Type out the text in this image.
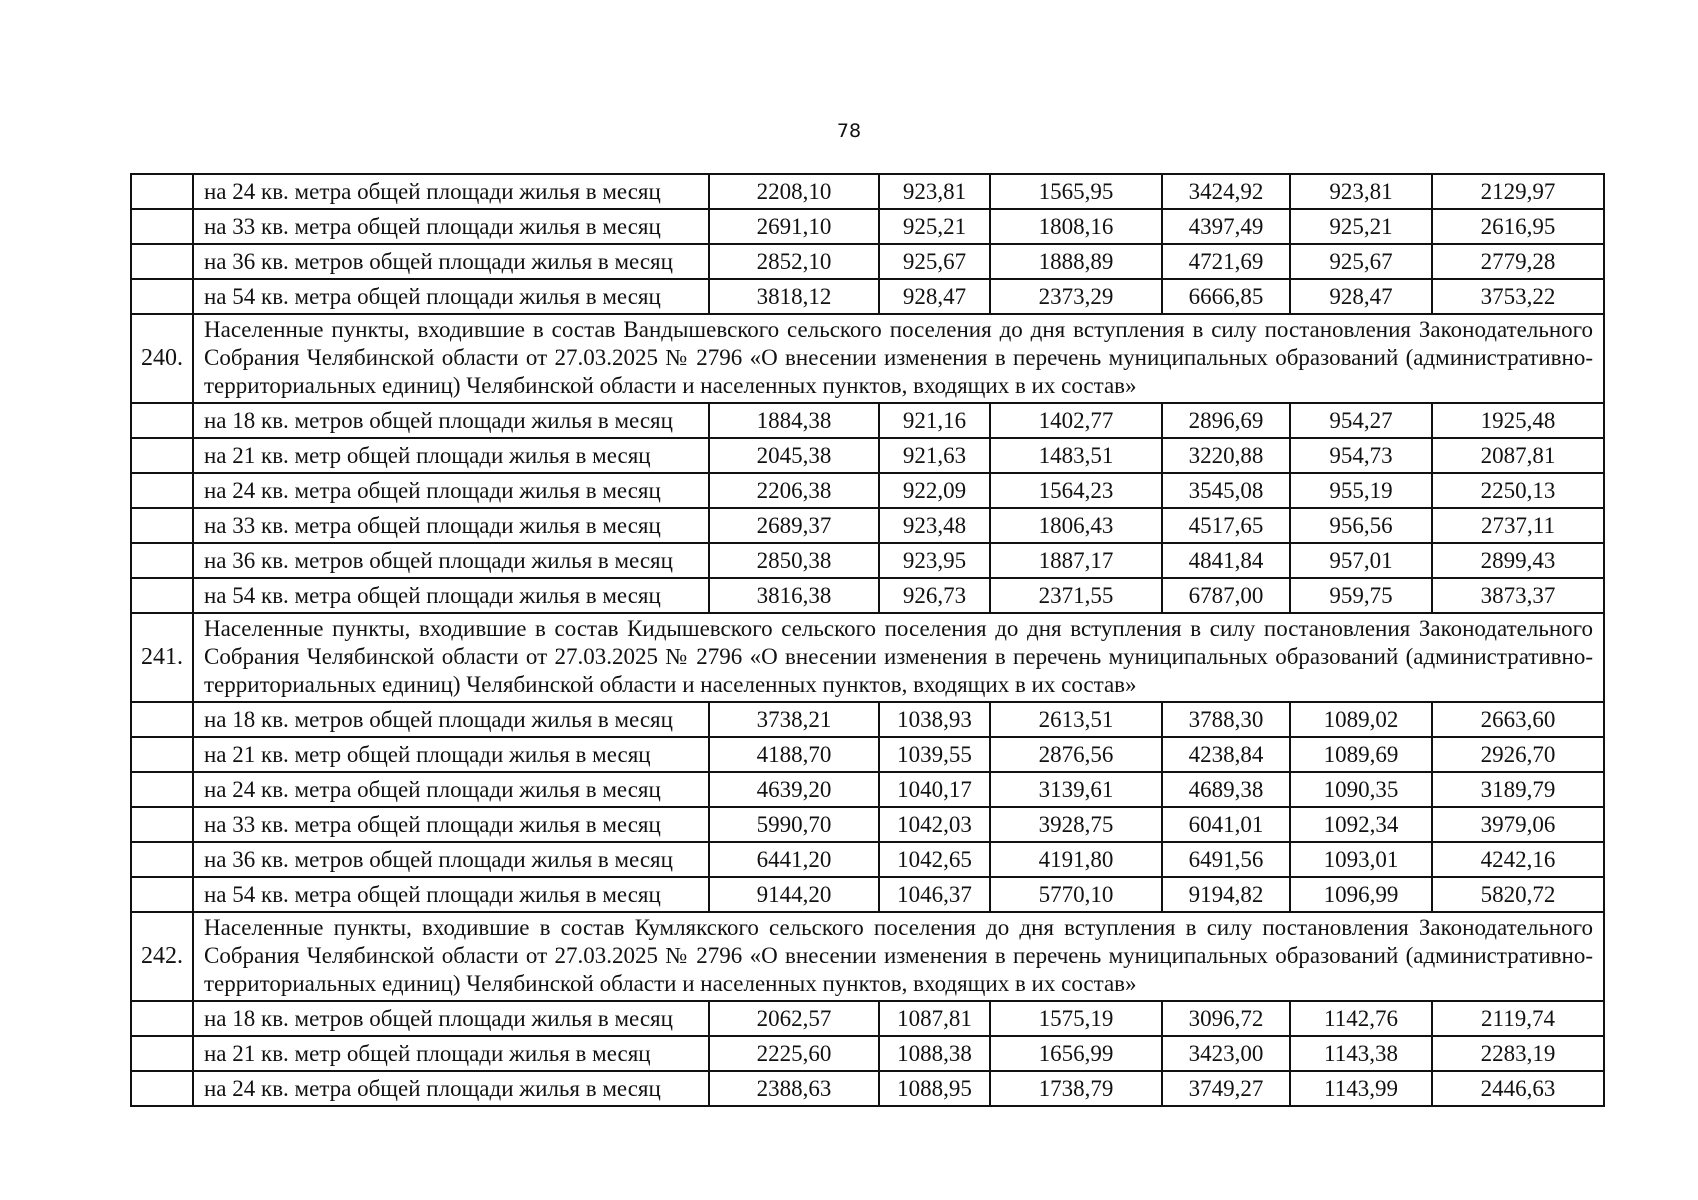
78
	на 24 кв. метра общей площади жилья в месяц	2208,10	923,81	1565,95	3424,92	923,81	2129,97
	на 33 кв. метра общей площади жилья в месяц	2691,10	925,21	1808,16	4397,49	925,21	2616,95
	на 36 кв. метров общей площади жилья в месяц	2852,10	925,67	1888,89	4721,69	925,67	2779,28
	на 54 кв. метра общей площади жилья в месяц	3818,12	928,47	2373,29	6666,85	928,47	3753,22
240.	Населенные пункты, входившие в состав Вандышевского сельского поселения до дня вступления в силу постановления Законодательного Собрания Челябинской области от 27.03.2025 № 2796 «О внесении изменения в перечень муниципальных образований (административно-территориальных единиц) Челябинской области и населенных пунктов, входящих в их состав»						
	на 18 кв. метров общей площади жилья в месяц	1884,38	921,16	1402,77	2896,69	954,27	1925,48
	на 21 кв. метр общей площади жилья в месяц	2045,38	921,63	1483,51	3220,88	954,73	2087,81
	на 24 кв. метра общей площади жилья в месяц	2206,38	922,09	1564,23	3545,08	955,19	2250,13
	на 33 кв. метра общей площади жилья в месяц	2689,37	923,48	1806,43	4517,65	956,56	2737,11
	на 36 кв. метров общей площади жилья в месяц	2850,38	923,95	1887,17	4841,84	957,01	2899,43
	на 54 кв. метра общей площади жилья в месяц	3816,38	926,73	2371,55	6787,00	959,75	3873,37
241.	Населенные пункты, входившие в состав Кидышевского сельского поселения до дня вступления в силу постановления Законодательного Собрания Челябинской области от 27.03.2025 № 2796 «О внесении изменения в перечень муниципальных образований (административно-территориальных единиц) Челябинской области и населенных пунктов, входящих в их состав»						
	на 18 кв. метров общей площади жилья в месяц	3738,21	1038,93	2613,51	3788,30	1089,02	2663,60
	на 21 кв. метр общей площади жилья в месяц	4188,70	1039,55	2876,56	4238,84	1089,69	2926,70
	на 24 кв. метра общей площади жилья в месяц	4639,20	1040,17	3139,61	4689,38	1090,35	3189,79
	на 33 кв. метра общей площади жилья в месяц	5990,70	1042,03	3928,75	6041,01	1092,34	3979,06
	на 36 кв. метров общей площади жилья в месяц	6441,20	1042,65	4191,80	6491,56	1093,01	4242,16
	на 54 кв. метра общей площади жилья в месяц	9144,20	1046,37	5770,10	9194,82	1096,99	5820,72
242.	Населенные пункты, входившие в состав Кумлякского сельского поселения до дня вступления в силу постановления Законодательного Собрания Челябинской области от 27.03.2025 № 2796 «О внесении изменения в перечень муниципальных образований (административно-территориальных единиц) Челябинской области и населенных пунктов, входящих в их состав»						
	на 18 кв. метров общей площади жилья в месяц	2062,57	1087,81	1575,19	3096,72	1142,76	2119,74
	на 21 кв. метр общей площади жилья в месяц	2225,60	1088,38	1656,99	3423,00	1143,38	2283,19
	на 24 кв. метра общей площади жилья в месяц	2388,63	1088,95	1738,79	3749,27	1143,99	2446,63
